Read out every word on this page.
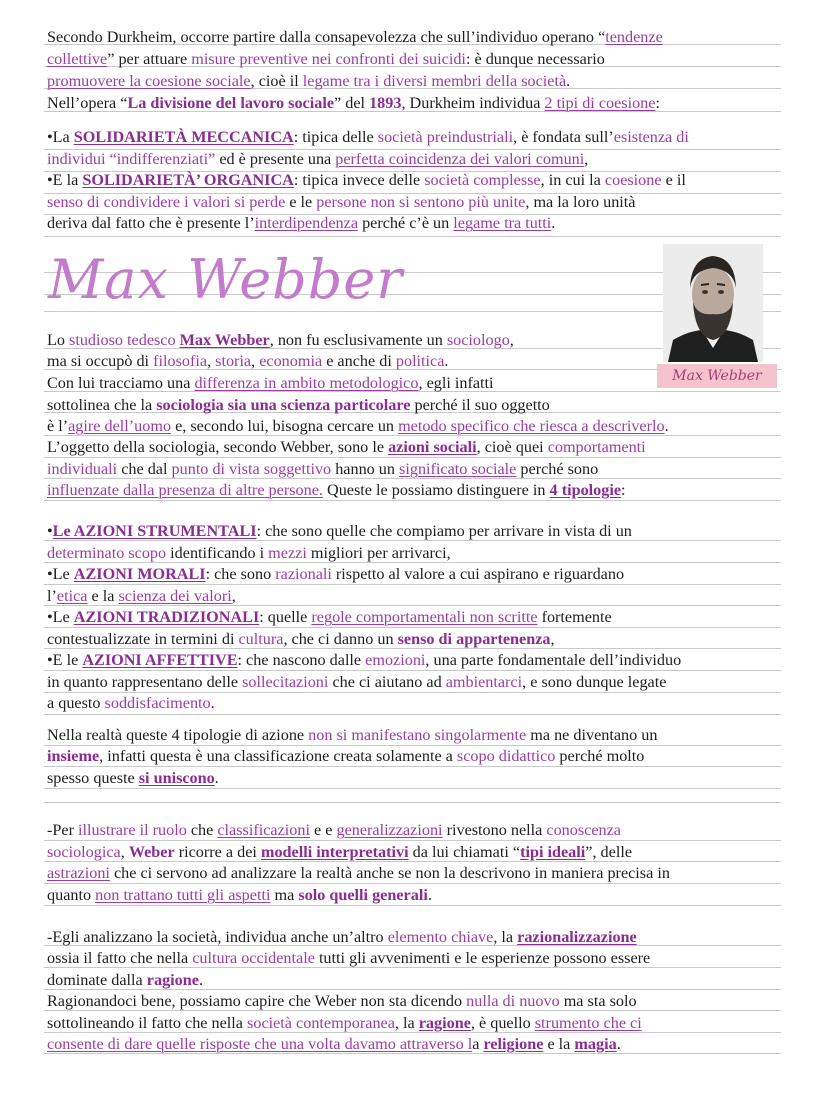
Secondo Durkheim, occorre partire dalla consapevolezza che sull’individuo operano “tendenze
collettive” per attuare misure preventive nei confronti dei suicidi: è dunque necessario
promuovere la coesione sociale, cioè il legame tra i diversi membri della società.
Nell’opera “La divisione del lavoro sociale” del 1893, Durkheim individua 2 tipi di coesione:
•La SOLIDARIETÀ MECCANICA: tipica delle società preindustriali, è fondata sull’esistenza di
individui “indifferenziati” ed è presente una perfetta coincidenza dei valori comuni,
•E la SOLIDARIETÀ’ ORGANICA: tipica invece delle società complesse, in cui la coesione e il
senso di condividere i valori si perde e le persone non si sentono più unite, ma la loro unità
deriva dal fatto che è presente l’interdipendenza perché c’è un legame tra tutti.
Max Webber
Max Webber
Lo studioso tedesco Max Webber, non fu esclusivamente un sociologo,
ma si occupò di filosofia, storia, economia e anche di politica.
Con lui tracciamo una differenza in ambito metodologico, egli infatti
sottolinea che la sociologia sia una scienza particolare perché il suo oggetto
è l’agire dell’uomo e, secondo lui, bisogna cercare un metodo specifico che riesca a descriverlo.
L’oggetto della sociologia, secondo Webber, sono le azioni sociali, cioè quei comportamenti
individuali che dal punto di vista soggettivo hanno un significato sociale perché sono
influenzate dalla presenza di altre persone. Queste le possiamo distinguere in 4 tipologie:
•Le AZIONI STRUMENTALI: che sono quelle che compiamo per arrivare in vista di un
determinato scopo identificando i mezzi migliori per arrivarci,
•Le AZIONI MORALI: che sono razionali rispetto al valore a cui aspirano e riguardano
l’etica e la scienza dei valori,
•Le AZIONI TRADIZIONALI: quelle regole comportamentali non scritte fortemente
contestualizzate in termini di cultura, che ci danno un senso di appartenenza,
•E le AZIONI AFFETTIVE: che nascono dalle emozioni, una parte fondamentale dell’individuo
in quanto rappresentano delle sollecitazioni che ci aiutano ad ambientarci, e sono dunque legate
a questo soddisfacimento.
Nella realtà queste 4 tipologie di azione non si manifestano singolarmente ma ne diventano un
insieme, infatti questa è una classificazione creata solamente a scopo didattico perché molto
spesso queste si uniscono.
-Per illustrare il ruolo che classificazioni e e generalizzazioni rivestono nella conoscenza
sociologica, Weber ricorre a dei modelli interpretativi da lui chiamati “tipi ideali”, delle
astrazioni che ci servono ad analizzare la realtà anche se non la descrivono in maniera precisa in
quanto non trattano tutti gli aspetti ma solo quelli generali.
-Egli analizzano la società, individua anche un’altro elemento chiave, la razionalizzazione
ossia il fatto che nella cultura occidentale tutti gli avvenimenti e le esperienze possono essere
dominate dalla ragione.
Ragionandoci bene, possiamo capire che Weber non sta dicendo nulla di nuovo ma sta solo
sottolineando il fatto che nella società contemporanea, la ragione, è quello strumento che ci
consente di dare quelle risposte che una volta davamo attraverso la religione e la magia.
